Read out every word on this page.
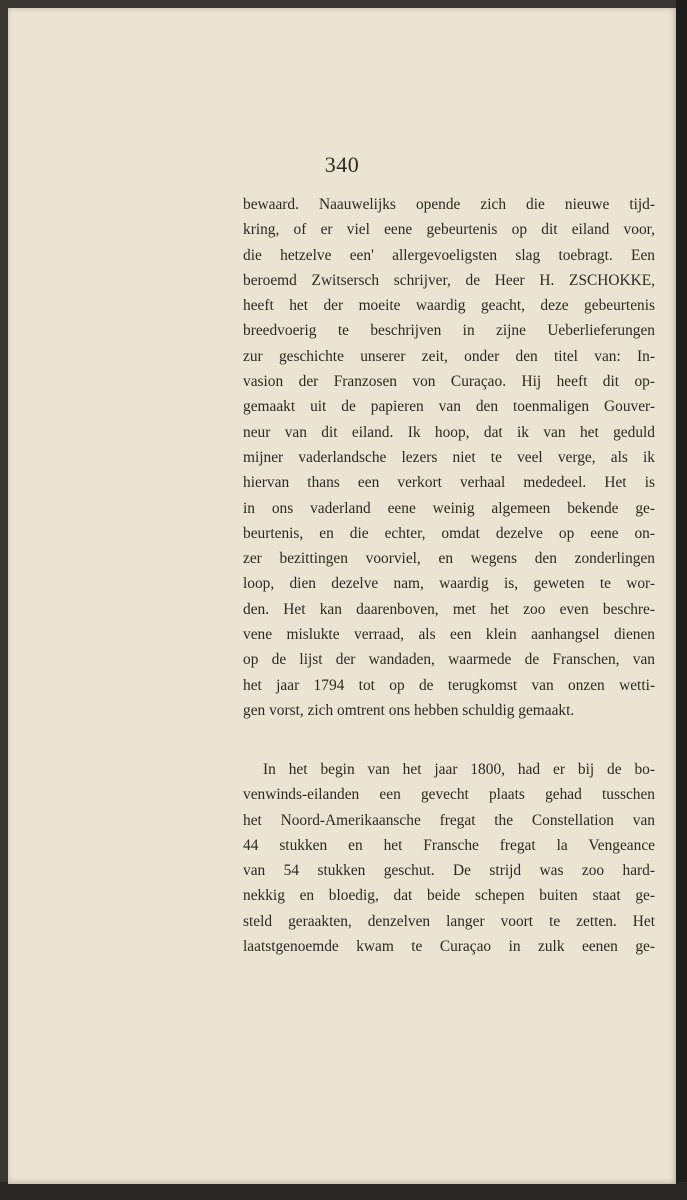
340
bewaard. Naauwelijks opende zich die nieuwe tijd-
kring, of er viel eene gebeurtenis op dit eiland voor,
die hetzelve een' allergevoeligsten slag toebragt. Een
beroemd Zwitsersch schrijver, de Heer H. ZSCHOKKE,
heeft het der moeite waardig geacht, deze gebeurtenis
breedvoerig te beschrijven in zijne Ueberlieferungen
zur geschichte unserer zeit, onder den titel van: In-
vasion der Franzosen von Curaçao. Hij heeft dit op-
gemaakt uit de papieren van den toenmaligen Gouver-
neur van dit eiland. Ik hoop, dat ik van het geduld
mijner vaderlandsche lezers niet te veel verge, als ik
hiervan thans een verkort verhaal mededeel. Het is
in ons vaderland eene weinig algemeen bekende ge-
beurtenis, en die echter, omdat dezelve op eene on-
zer bezittingen voorviel, en wegens den zonderlingen
loop, dien dezelve nam, waardig is, geweten te wor-
den. Het kan daarenboven, met het zoo even beschre-
vene mislukte verraad, als een klein aanhangsel dienen
op de lijst der wandaden, waarmede de Franschen, van
het jaar 1794 tot op de terugkomst van onzen wetti-
gen vorst, zich omtrent ons hebben schuldig gemaakt.
In het begin van het jaar 1800, had er bij de bo-
venwinds-eilanden een gevecht plaats gehad tusschen
het Noord-Amerikaansche fregat the Constellation van
44 stukken en het Fransche fregat la Vengeance
van 54 stukken geschut. De strijd was zoo hard-
nekkig en bloedig, dat beide schepen buiten staat ge-
steld geraakten, denzelven langer voort te zetten. Het
laatstgenoemde kwam te Curaçao in zulk eenen ge-
